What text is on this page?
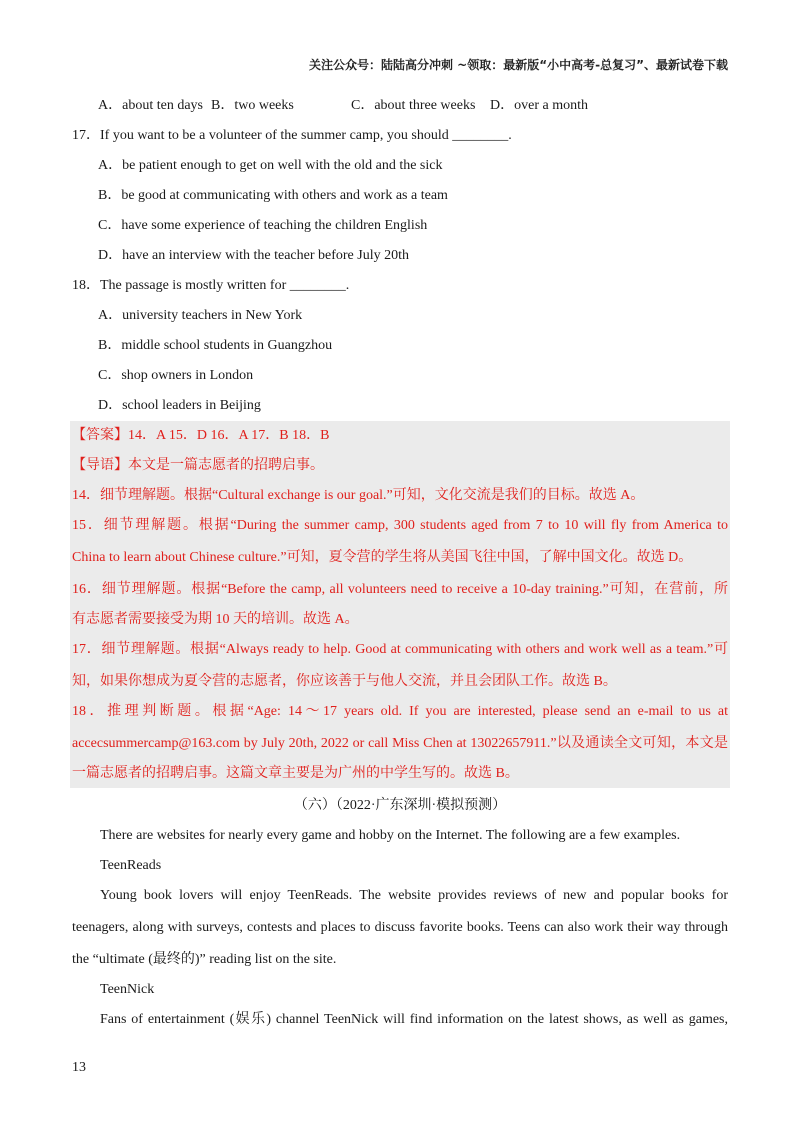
关注公众号：陆陆高分冲刺 ~领取：最新版“小中高考-总复习”、最新试卷下载
A．about ten days B．two weeks	C．about three weeks D．over a month
17．If you want to be a volunteer of the summer camp, you should ________.
A．be patient enough to get on well with the old and the sick
B．be good at communicating with others and work as a team
C．have some experience of teaching the children English
D．have an interview with the teacher before July 20th
18．The passage is mostly written for ________.
A．university teachers in New York
B．middle school students in Guangzhou
C．shop owners in London
D．school leaders in Beijing
【答案】14．A 15．D 16．A 17．B 18．B
【导语】本文是一篇志愿者的招聘启事。
14．细节理解题。根据“Cultural exchange is our goal.”可知，文化交流是我们的目标。故选 A。
15．细节理解题。根据“During the summer camp, 300 students aged from 7 to 10 will fly from America to
China to learn about Chinese culture.”可知，夏令营的学生将从美国飞往中国，了解中国文化。故选 D。
16．细节理解题。根据“Before the camp, all volunteers need to receive a 10-day training.”可知，在营前，所
有志愿者需要接受为期 10 天的培训。故选 A。
17．细节理解题。根据“Always ready to help. Good at communicating with others and work well as a team.”可
知，如果你想成为夏令营的志愿者，你应该善于与他人交流，并且会团队工作。故选 B。
18．推理判断题。根据“Age: 14～17 years old. If you are interested, please send an e-mail to us at
accecsummercamp@163.com by July 20th, 2022 or call Miss Chen at 13022657911.”以及通读全文可知，本文是
一篇志愿者的招聘启事。这篇文章主要是为广州的中学生写的。故选 B。
（六）（2022·广东深圳·模拟预测）
There are websites for nearly every game and hobby on the Internet. The following are a few examples.
TeenReads
Young book lovers will enjoy TeenReads. The website provides reviews of new and popular books for
teenagers, along with surveys, contests and places to discuss favorite books. Teens can also work their way through
the “ultimate (最终的)” reading list on the site.
TeenNick
Fans of entertainment (娱乐) channel TeenNick will find information on the latest shows, as well as games,
13
